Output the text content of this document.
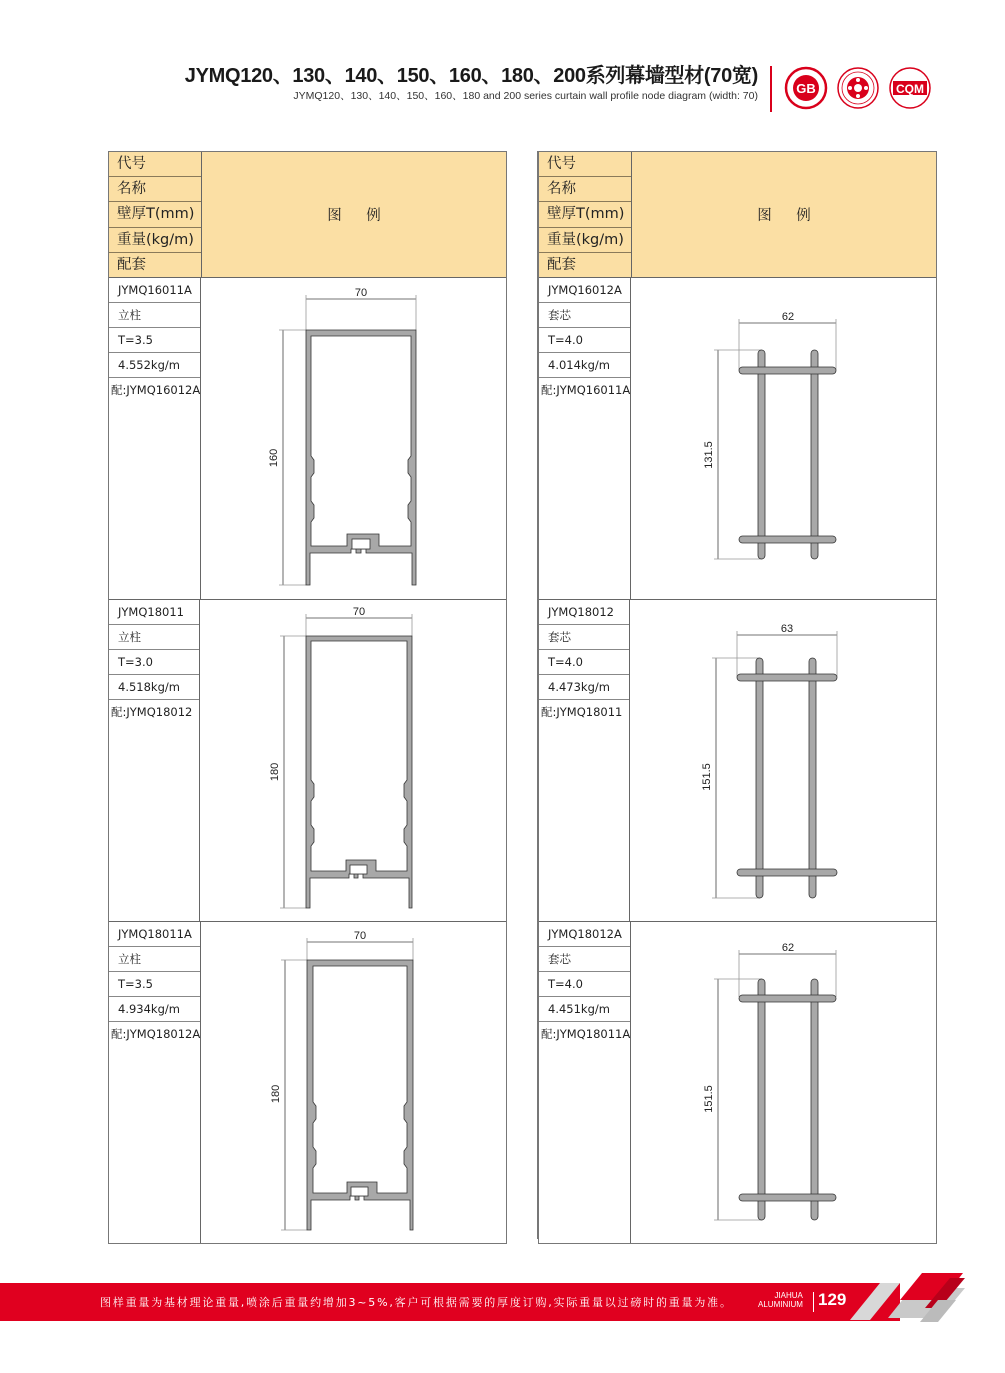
JYMQ120、130、140、150、160、180、200系列幕墙型材(70宽)
JYMQ120、130、140、150、160、180 and 200 series curtain wall profile node diagram (width: 70)	GB	CQM
代号
名称
壁厚T(mm)
重量(kg/m)
配套
图 例
JYMQ16011A
立柱
T=3.5
4.552kg/m
配:JYMQ16012A
70
160
JYMQ18011
立柱
T=3.0
4.518kg/m
配:JYMQ18012
70
180
JYMQ18011A
立柱
T=3.5
4.934kg/m
配:JYMQ18012A
70
180
代号
名称
壁厚T(mm)
重量(kg/m)
配套
图 例
JYMQ16012A
套芯
T=4.0
4.014kg/m
配:JYMQ16011A
62
131.5
JYMQ18012
套芯
T=4.0
4.473kg/m
配:JYMQ18011
63
151.5
JYMQ18012A
套芯
T=4.0
4.451kg/m
配:JYMQ18011A
62
151.5
图样重量为基材理论重量,喷涂后重量约增加3~5%,客户可根据需要的厚度订购,实际重量以过磅时的重量为准。
JIAHUA
ALUMINIUM 129
